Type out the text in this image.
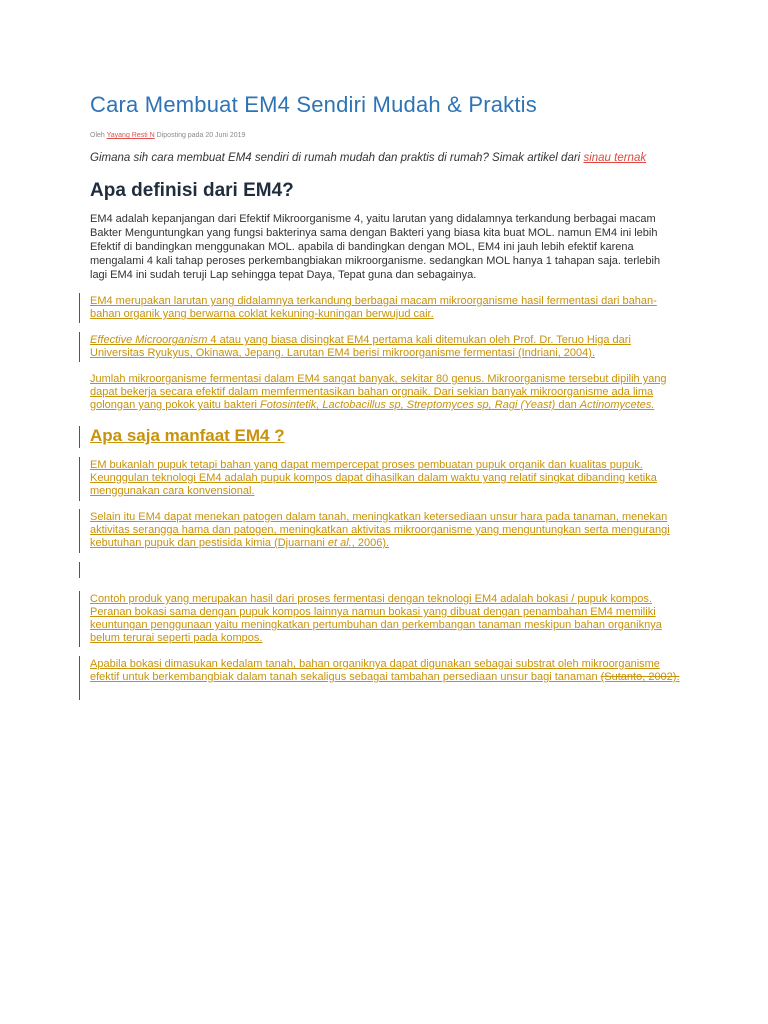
Cara Membuat EM4 Sendiri Mudah & Praktis
Oleh Yayang Resti N Diposting pada 20 Juni 2019
Gimana sih cara membuat EM4 sendiri di rumah mudah dan praktis di rumah? Simak artikel dari sinau ternak
Apa definisi dari EM4?
EM4 adalah kepanjangan dari Efektif Mikroorganisme 4, yaitu larutan yang didalamnya terkandung berbagai macam Bakter Menguntungkan yang fungsi bakterinya sama dengan Bakteri yang biasa kita buat MOL. namun EM4 ini lebih Efektif di bandingkan menggunakan MOL. apabila di bandingkan dengan MOL, EM4 ini jauh lebih efektif karena mengalami 4 kali tahap peroses perkembangbiakan mikroorganisme. sedangkan MOL hanya 1 tahapan saja. terlebih lagi EM4 ini sudah teruji Lap sehingga tepat Daya, Tepat guna dan sebagainya.
EM4 merupakan larutan yang didalamnya terkandung berbagai macam mikroorganisme hasil fermentasi dari bahan-bahan organik yang berwarna coklat kekuning-kuningan berwujud cair.
Effective Microorganism 4 atau yang biasa disingkat EM4 pertama kali ditemukan oleh Prof. Dr. Teruo Higa dari Universitas Ryukyus, Okinawa, Jepang. Larutan EM4 berisi mikroorganisme fermentasi (Indriani, 2004).
Jumlah mikroorganisme fermentasi dalam EM4 sangat banyak, sekitar 80 genus. Mikroorganisme tersebut dipilih yang dapat bekerja secara efektif dalam memfermentasikan bahan orgnaik. Dari sekian banyak mikroorganisme ada lima golongan yang pokok yaitu bakteri Fotosintetik, Lactobacillus sp, Streptomyces sp, Ragi (Yeast) dan Actinomycetes.
Apa saja manfaat EM4 ?
EM bukanlah pupuk tetapi bahan yang dapat mempercepat proses pembuatan pupuk organik dan kualitas pupuk. Keunggulan teknologi EM4 adalah pupuk kompos dapat dihasilkan dalam waktu yang relatif singkat dibanding ketika menggunakan cara konvensional.
Selain itu EM4 dapat menekan patogen dalam tanah, meningkatkan ketersediaan unsur hara pada tanaman, menekan aktivitas serangga hama dan patogen, meningkatkan aktivitas mikroorganisme yang menguntungkan serta mengurangi kebutuhan pupuk dan pestisida kimia (Djuarnani et al., 2006).
Contoh produk yang merupakan hasil dari proses fermentasi dengan teknologi EM4 adalah bokasi / pupuk kompos. Peranan bokasi sama dengan pupuk kompos lainnya namun bokasi yang dibuat dengan penambahan EM4 memiliki keuntungan penggunaan yaitu meningkatkan pertumbuhan dan perkembangan tanaman meskipun bahan organiknya belum terurai seperti pada kompos.
Apabila bokasi dimasukan kedalam tanah, bahan organiknya dapat digunakan sebagai substrat oleh mikroorganisme efektif untuk berkembangbiak dalam tanah sekaligus sebagai tambahan persediaan unsur bagi tanaman (Sutanto, 2002).
